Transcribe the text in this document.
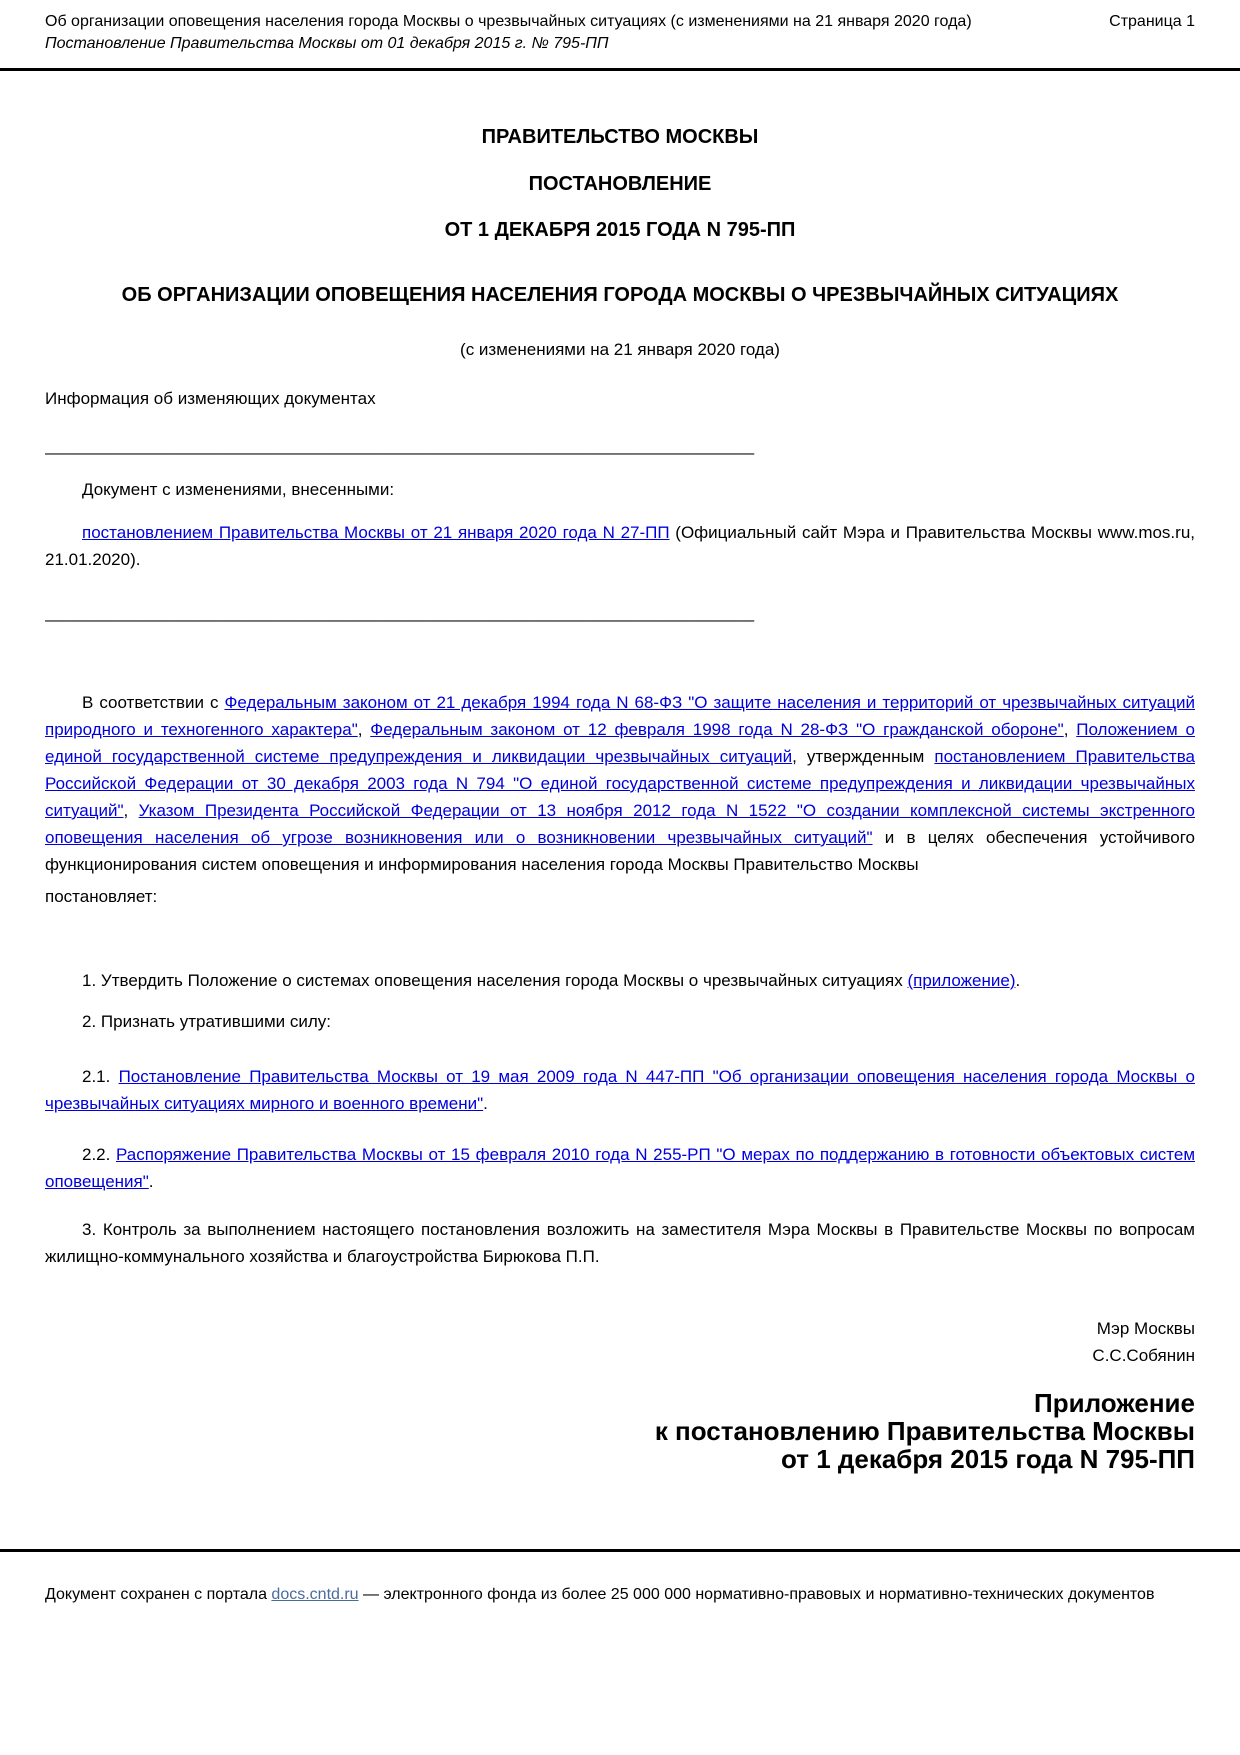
Об организации оповещения населения города Москвы о чрезвычайных ситуациях (с изменениями на 21 января 2020 года)
Постановление Правительства Москвы от 01 декабря 2015 г. № 795-ПП
Страница 1

ПРАВИТЕЛЬСТВО МОСКВЫ

ПОСТАНОВЛЕНИЕ

ОТ 1 ДЕКАБРЯ 2015 ГОДА N 795-ПП

ОБ ОРГАНИЗАЦИИ ОПОВЕЩЕНИЯ НАСЕЛЕНИЯ ГОРОДА МОСКВЫ О ЧРЕЗВЫЧАЙНЫХ СИТУАЦИЯХ

(с изменениями на 21 января 2020 года)

Информация об изменяющих документах

___________________________________________________________________________

Документ с изменениями, внесенными:

постановлением Правительства Москвы от 21 января 2020 года N 27-ПП (Официальный сайт Мэра и Правительства Москвы www.mos.ru, 21.01.2020).

___________________________________________________________________________

В соответствии с Федеральным законом от 21 декабря 1994 года N 68-ФЗ "О защите населения и территорий от чрезвычайных ситуаций природного и техногенного характера", Федеральным законом от 12 февраля 1998 года N 28-ФЗ "О гражданской обороне", Положением о единой государственной системе предупреждения и ликвидации чрезвычайных ситуаций, утвержденным постановлением Правительства Российской Федерации от 30 декабря 2003 года N 794 "О единой государственной системе предупреждения и ликвидации чрезвычайных ситуаций", Указом Президента Российской Федерации от 13 ноября 2012 года N 1522 "О создании комплексной системы экстренного оповещения населения об угрозе возникновения или о возникновении чрезвычайных ситуаций" и в целях обеспечения устойчивого функционирования систем оповещения и информирования населения города Москвы Правительство Москвы

постановляет:

1. Утвердить Положение о системах оповещения населения города Москвы о чрезвычайных ситуациях (приложение).

2. Признать утратившими силу:

2.1. Постановление Правительства Москвы от 19 мая 2009 года N 447-ПП "Об организации оповещения населения города Москвы о чрезвычайных ситуациях мирного и военного времени".

2.2. Распоряжение Правительства Москвы от 15 февраля 2010 года N 255-РП "О мерах по поддержанию в готовности объектовых систем оповещения".

3. Контроль за выполнением настоящего постановления возложить на заместителя Мэра Москвы в Правительстве Москвы по вопросам жилищно-коммунального хозяйства и благоустройства Бирюкова П.П.

Мэр Москвы
С.С.Собянин
Приложение
к постановлению Правительства Москвы
от 1 декабря 2015 года N 795-ПП
Документ сохранен с портала docs.cntd.ru — электронного фонда из более 25 000 000 нормативно-правовых и нормативно-технических документов
